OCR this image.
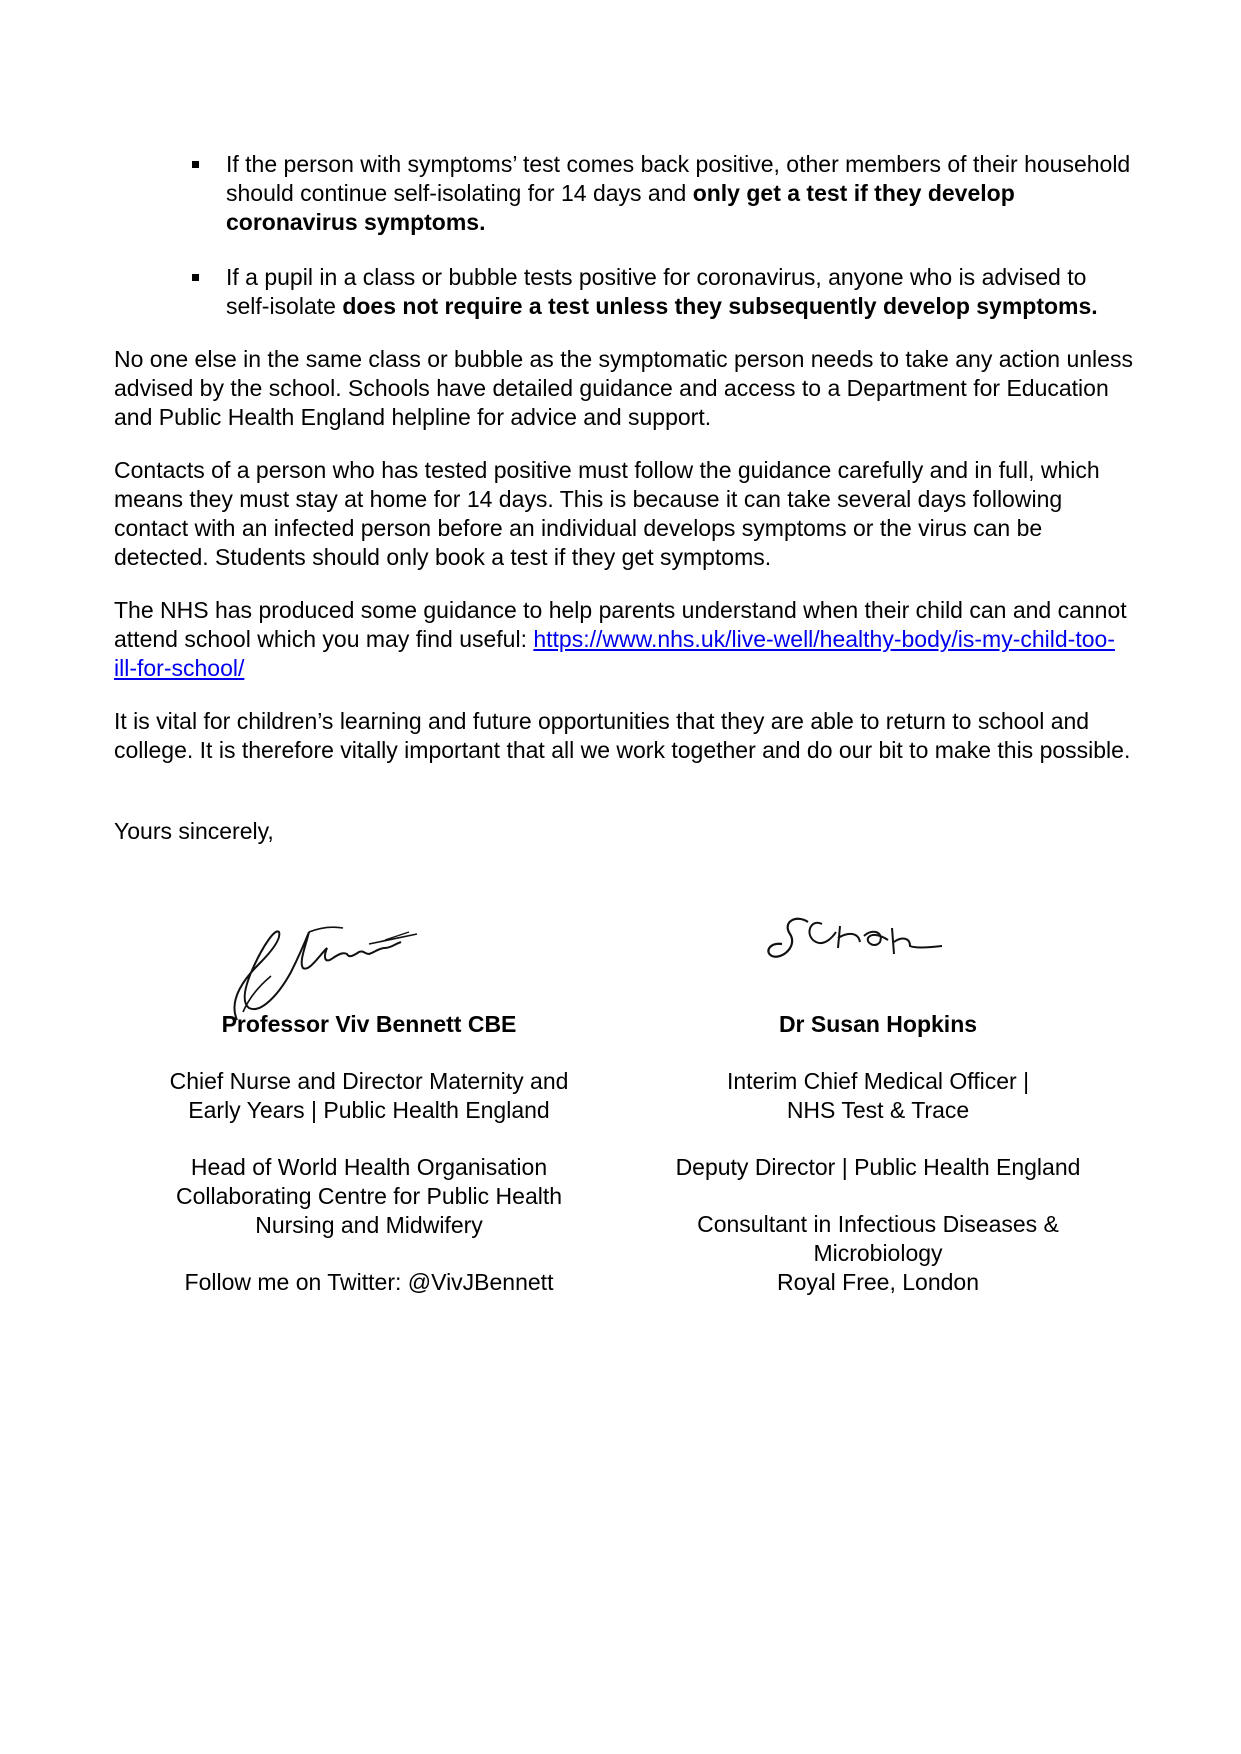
If the person with symptoms’ test comes back positive, other members of their household should continue self-isolating for 14 days and only get a test if they develop coronavirus symptoms.
If a pupil in a class or bubble tests positive for coronavirus, anyone who is advised to self-isolate does not require a test unless they subsequently develop symptoms.

No one else in the same class or bubble as the symptomatic person needs to take any action unless advised by the school. Schools have detailed guidance and access to a Department for Education and Public Health England helpline for advice and support.

Contacts of a person who has tested positive must follow the guidance carefully and in full, which means they must stay at home for 14 days. This is because it can take several days following contact with an infected person before an individual develops symptoms or the virus can be detected. Students should only book a test if they get symptoms.

The NHS has produced some guidance to help parents understand when their child can and cannot attend school which you may find useful: https://www.nhs.uk/live-well/healthy-body/is-my-child-too-ill-for-school/

It is vital for children’s learning and future opportunities that they are able to return to school and college. It is therefore vitally important that all we work together and do our bit to make this possible.

Yours sincerely,

Professor Viv Bennett CBE
Chief Nurse and Director Maternity and
Early Years | Public Health England
Head of World Health Organisation
Collaborating Centre for Public Health
Nursing and Midwifery
Follow me on Twitter: @VivJBennett
Dr Susan Hopkins
Interim Chief Medical Officer |
NHS Test & Trace
Deputy Director | Public Health England
Consultant in Infectious Diseases &
Microbiology
Royal Free, London
